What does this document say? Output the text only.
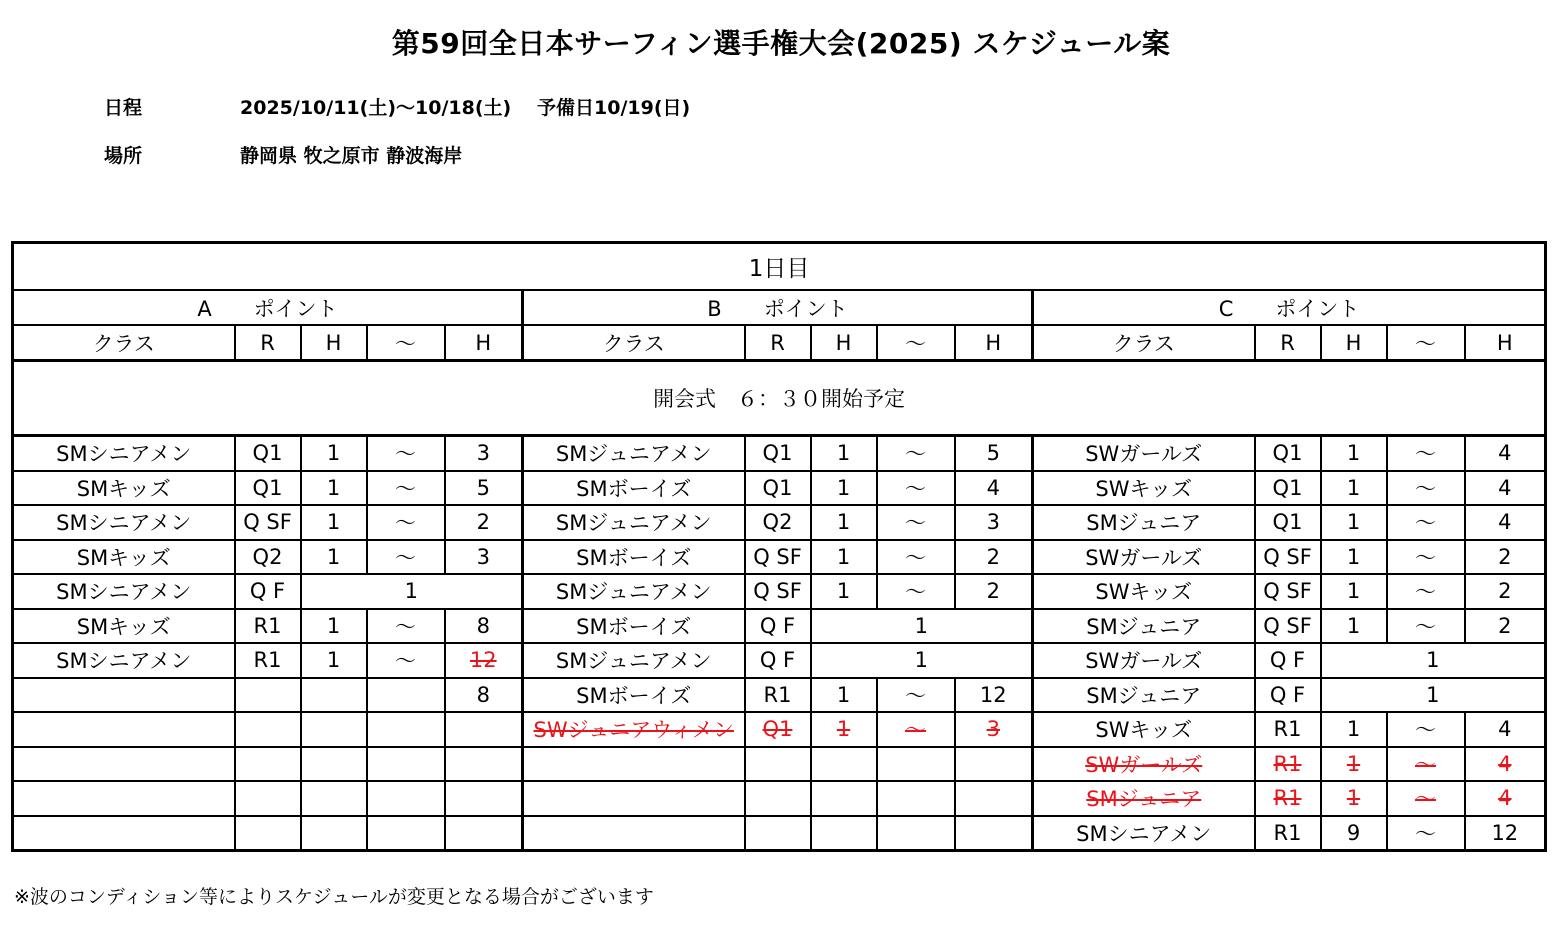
第59回全日本サーフィン選手権大会(2025) スケジュール案
日程	2025/10/11(土)～10/18(土) 予備日10/19(日)
場所	静岡県 牧之原市 静波海岸
1日目														
A　　ポイント					B　　ポイント					C　　ポイント				
クラス	R	H	～	H	クラス	R	H	～	H	クラス	R	H	～	H
開会式　６：３０開始予定														
SMシニアメン	Q1	1	～	3	SMジュニアメン	Q1	1	～	5	SWガールズ	Q1	1	～	4
SMキッズ	Q1	1	～	5	SMボーイズ	Q1	1	～	4	SWキッズ	Q1	1	～	4
SMシニアメン	Q SF	1	～	2	SMジュニアメン	Q2	1	～	3	SMジュニア	Q1	1	～	4
SMキッズ	Q2	1	～	3	SMボーイズ	Q SF	1	～	2	SWガールズ	Q SF	1	～	2
SMシニアメン	Q F	1			SMジュニアメン	Q SF	1	～	2	SWキッズ	Q SF	1	～	2
SMキッズ	R1	1	～	8	SMボーイズ	Q F	1			SMジュニア	Q SF	1	～	2
SMシニアメン	R1	1	～	12	SMジュニアメン	Q F	1			SWガールズ	Q F	1		
				8	SMボーイズ	R1	1	～	12	SMジュニア	Q F	1		
					SWジュニアウィメン	Q1	1	～	3	SWキッズ	R1	1	～	4
										SWガールズ	R1	1	～	4
										SMジュニア	R1	1	～	4
										SMシニアメン	R1	9	～	12
※波のコンディション等によりスケジュールが変更となる場合がございます
